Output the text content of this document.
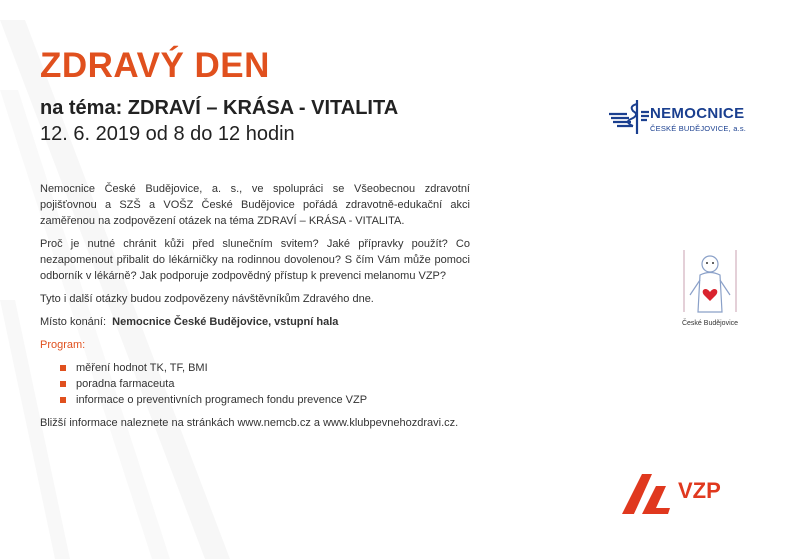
ZDRAVÝ DEN
na téma: ZDRAVÍ – KRÁSA - VITALITA
12. 6. 2019 od 8 do 12 hodin

Nemocnice České Budějovice, a. s., ve spolupráci se Všeobecnou zdravotní pojišťovnou a SZŠ a VOŠZ České Budějovice pořádá zdravotně-edukační akci zaměřenou na zodpovězení otázek na téma ZDRAVÍ – KRÁSA - VITALITA.

Proč je nutné chránit kůži před slunečním svitem? Jaké přípravky použít? Co nezapomenout přibalit do lékárničky na rodinnou dovolenou? S čím Vám může pomoci odborník v lékárně? Jak podporuje zodpovědný přístup k prevenci melanomu VZP?

Tyto i další otázky budou zodpovězeny návštěvníkům Zdravého dne.

Místo konání: Nemocnice České Budějovice, vstupní hala

Program:

měření hodnot TK, TF, BMI
poradna farmaceuta
informace o preventivních programech fondu prevence VZP

Bližší informace naleznete na stránkách www.nemcb.cz a www.klubpevnehozdravi.cz.

NEMOCNICE
ČESKÉ BUDĚJOVICE, a.s.
České Budějovice
VZP
